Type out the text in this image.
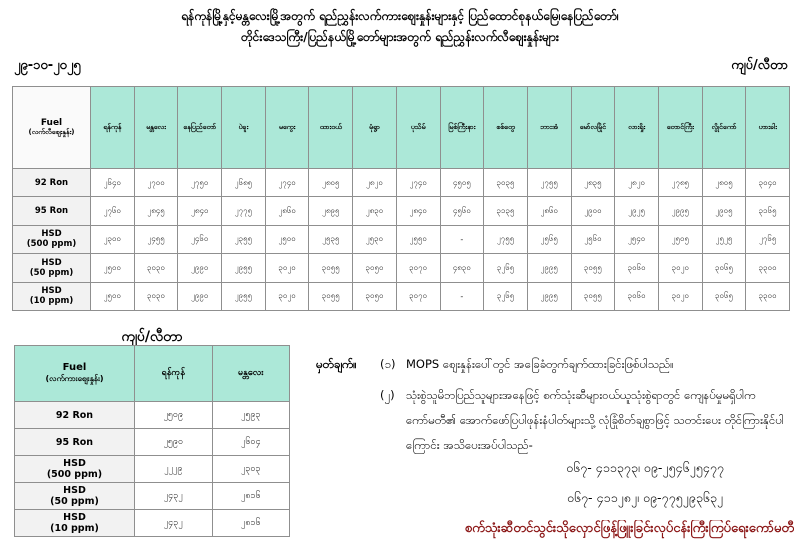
ရန်ကုန်မြို့နှင့်မန္တလေးမြို့အတွက် ရည်ညွှန်းလက်ကားဈေးနှုန်းများနှင့် ပြည်ထောင်စုနယ်မြေ၊နေပြည်တော်၊
တိုင်းဒေသကြီး/ပြည်နယ်မြို့တော်များအတွက် ရည်ညွှန်းလက်လီဈေးနှုန်းများ
၂၉-၁၀-၂၀၂၅	ကျပ်/လီတာ
Fuel
(လက်လီဈေးနှုန်း)	ရန်ကုန်	မန္တလေး	နေပြည်တော်	ပဲခူး	မကွေး	ထားဝယ်	မုံရွာ	ပုသိမ်	မြစ်ကြီးနား	စစ်တွေ	ဘားအံ	မော်လမြိုင်	လားရှိုး	တောင်ကြီး	လွိုင်ကော်	ဟားခါး

92 Ron	၂၆၄၀	၂၇၀၀	၂၇၅၀	၂၆၈၅	၂၇၄၀	၂၈၀၅	၂၈၂၀	၂၇၄၀	၄၅၀၅	၃၀၃၅	၂၇၅၅	၂၈၃၅	၂၈၂၀	၂၇၈၅	၂၈၀၅	၃၀၄၀

95 Ron	၂၇၆၀	၂၈၄၅	၂၈၄၀	၂၇၇၅	၂၈၆၀	၂၈၉၅	၂၈၃၀	၂၈၄၀	၄၅၆၀	၃၁၃၅	၂၈၆၀	၂၉၀၀	၂၉၂၅	၂၉၉၅	၂၉၀၅	၃၁၆၅

HSD
(500 ppm)	၂၃၀၀	၂၄၅၅	၂၄၆၀	၂၃၅၅	၂၅၀၀	၂၅၃၅	၂၅၃၀	၂၅၅၀	-	၂၇၅၅	၂၅၆၅	၂၅၆၀	၂၅၄၀	၂၅၀၅	၂၅၂၅	၂၇၆၅

HSD
(50 ppm)	၂၅၀၀	၃၀၃၀	၂၉၉၀	၂၉၅၅	၃၀၂၀	၃၀၅၅	၃၀၅၀	၃၀၇၀	၄၈၃၀	၃၂၆၅	၂၉၉၅	၃၀၅၅	၃၀၆၀	၃၀၂၀	၃၀၆၅	၃၃၀၀

HSD
(10 ppm)	၂၅၀၀	၃၀၃၀	၂၉၉၀	၂၉၅၅	၃၀၂၀	၃၀၅၅	၃၀၅၀	၃၀၇၀	-	၃၂၆၅	၂၉၉၅	၃၀၅၅	၃၀၆၀	၃၀၂၀	၃၀၆၅	၃၃၀၀
ကျပ်/လီတာ
Fuel
(လက်ကားဈေးနှုန်း)	ရန်ကုန်	မန္တလေး

92 Ron	၂၅၀၉	၂၅၉၃

95 Ron	၂၅၉၀	၂၆၀၄

HSD
(500 ppm)	၂၂၂၉	၂၃၀၃

HSD
(50 ppm)	၂၄၃၂	၂၈၁၆

HSD
(10 ppm)	၂၄၃၂	၂၈၁၆
မှတ်ချက်။	(၁) MOPS ဈေးနှုန်းပေါ်တွင် အခြေခံတွက်ချက်ထားခြင်းဖြစ်ပါသည်။
(၂) သုံးစွဲသူမိဘပြည်သူများအနေဖြင့် စက်သုံးဆီများဝယ်ယူသုံးစွဲရာတွင် ကျေနပ်မှုမရှိပါက ကော်မတီ၏ အောက်ဖော်ပြပါဖုန်းနံပါတ်များသို့ လုံခြုံစိတ်ချစွာဖြင့် သတင်းပေး တိုင်ကြားနိုင်ပါကြောင်း အသိပေးအပ်ပါသည်-
၀၆၇- ၄၁၁၃၇၃၊ ၀၉-၂၅၄၆၂၅၄၇၇
၀၆၇- ၄၁၁၂၈၂၊ ၀၉-၇၇၅၂၉၃၆၃၂
စက်သုံးဆီတင်သွင်းသိုလှောင်ဖြန့်ဖြူးခြင်းလုပ်ငန်းကြီးကြပ်ရေးကော်မတီ
